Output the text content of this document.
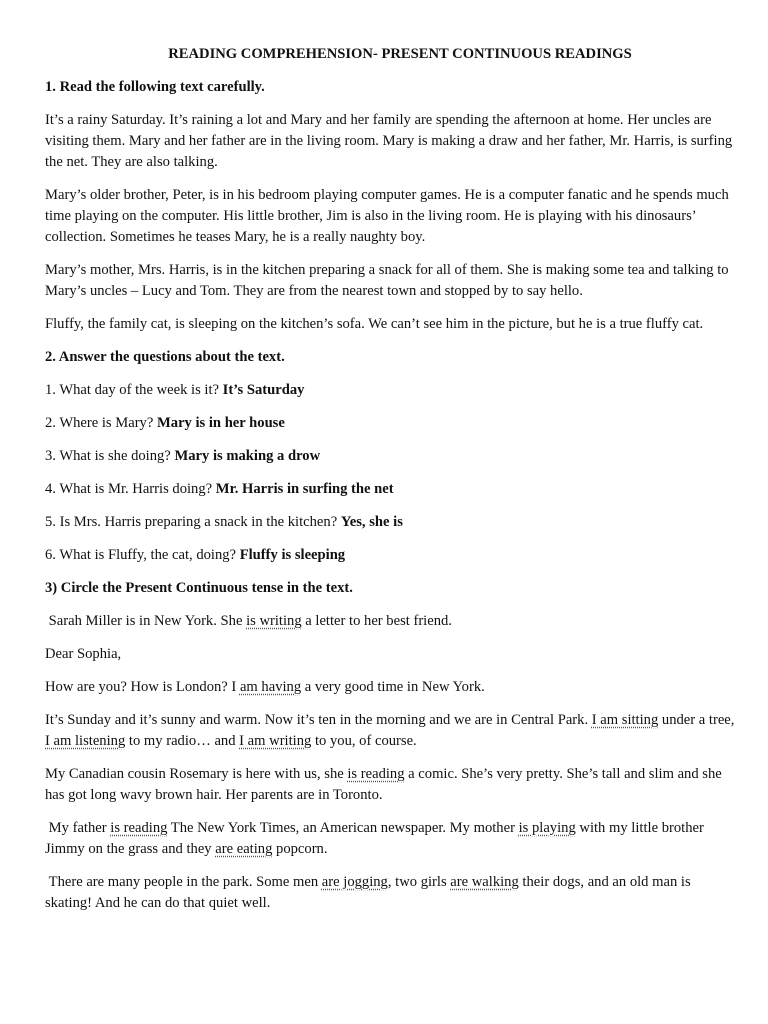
READING COMPREHENSION- PRESENT CONTINUOUS READINGS
1. Read the following text carefully.

It’s a rainy Saturday. It’s raining a lot and Mary and her family are spending the afternoon at home. Her uncles are visiting them. Mary and her father are in the living room. Mary is making a draw and her father, Mr. Harris, is surfing the net. They are also talking.

Mary’s older brother, Peter, is in his bedroom playing computer games. He is a computer fanatic and he spends much time playing on the computer. His little brother, Jim is also in the living room. He is playing with his dinosaurs’ collection. Sometimes he teases Mary, he is a really naughty boy.

Mary’s mother, Mrs. Harris, is in the kitchen preparing a snack for all of them. She is making some tea and talking to Mary’s uncles – Lucy and Tom. They are from the nearest town and stopped by to say hello.

Fluffy, the family cat, is sleeping on the kitchen’s sofa. We can’t see him in the picture, but he is a true fluffy cat.

2. Answer the questions about the text.

1. What day of the week is it? It’s Saturday

2. Where is Mary? Mary is in her house

3. What is she doing? Mary is making a drow

4. What is Mr. Harris doing? Mr. Harris in surfing the net

5. Is Mrs. Harris preparing a snack in the kitchen? Yes, she is

6. What is Fluffy, the cat, doing? Fluffy is sleeping

3) Circle the Present Continuous tense in the text.

Sarah Miller is in New York. She is writing a letter to her best friend.

Dear Sophia,

How are you? How is London? I am having a very good time in New York.

It’s Sunday and it’s sunny and warm. Now it’s ten in the morning and we are in Central Park. I am sitting under a tree, I am listening to my radio… and I am writing to you, of course.

My Canadian cousin Rosemary is here with us, she is reading a comic. She’s very pretty. She’s tall and slim and she has got long wavy brown hair. Her parents are in Toronto.

My father is reading The New York Times, an American newspaper. My mother is playing with my little brother Jimmy on the grass and they are eating popcorn.

There are many people in the park. Some men are jogging, two girls are walking their dogs, and an old man is skating! And he can do that quiet well.
